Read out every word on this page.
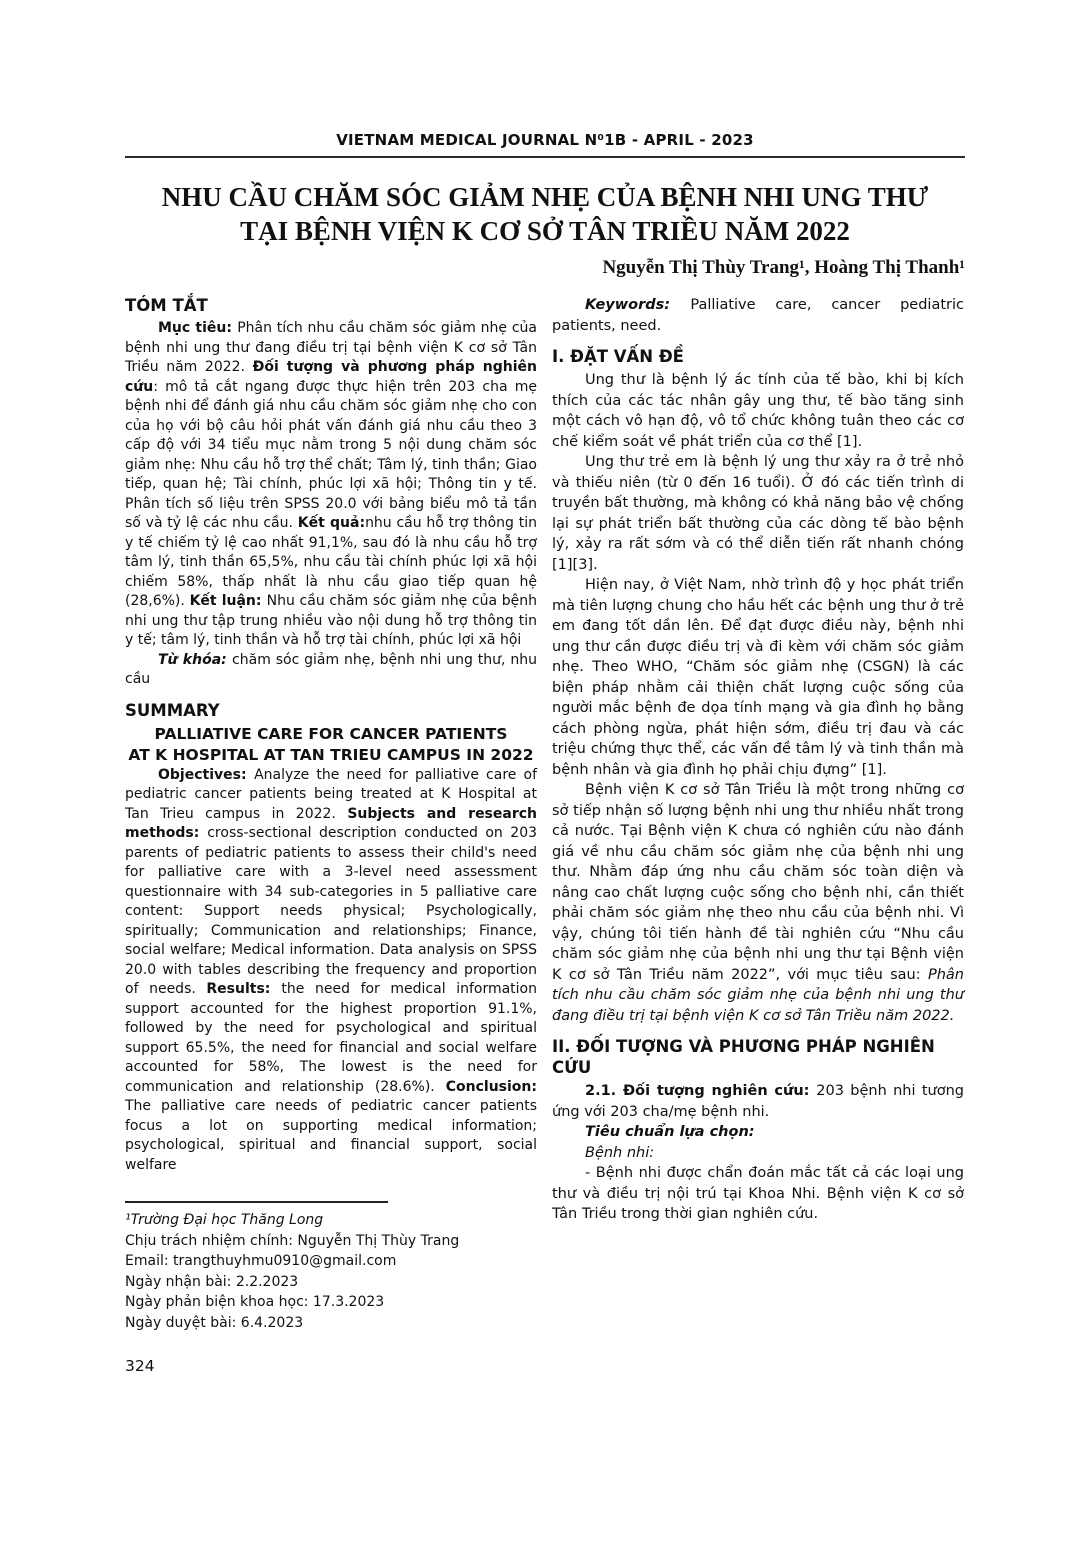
VIETNAM MEDICAL JOURNAL N⁰1B - APRIL - 2023
NHU CẦU CHĂM SÓC GIẢM NHẸ CỦA BỆNH NHI UNG THƯ
TẠI BỆNH VIỆN K CƠ SỞ TÂN TRIỀU NĂM 2022
Nguyễn Thị Thùy Trang¹, Hoàng Thị Thanh¹
TÓM TẮT

Mục tiêu: Phân tích nhu cầu chăm sóc giảm nhẹ của bệnh nhi ung thư đang điều trị tại bệnh viện K cơ sở Tân Triều năm 2022. Đối tượng và phương pháp nghiên cứu: mô tả cắt ngang được thực hiện trên 203 cha mẹ bệnh nhi để đánh giá nhu cầu chăm sóc giảm nhẹ cho con của họ với bộ câu hỏi phát vấn đánh giá nhu cầu theo 3 cấp độ với 34 tiểu mục nằm trong 5 nội dung chăm sóc giảm nhẹ: Nhu cầu hỗ trợ thể chất; Tâm lý, tinh thần; Giao tiếp, quan hệ; Tài chính, phúc lợi xã hội; Thông tin y tế. Phân tích số liệu trên SPSS 20.0 với bảng biểu mô tả tần số và tỷ lệ các nhu cầu. Kết quả:nhu cầu hỗ trợ thông tin y tế chiếm tỷ lệ cao nhất 91,1%, sau đó là nhu cầu hỗ trợ tâm lý, tinh thần 65,5%, nhu cầu tài chính phúc lợi xã hội chiếm 58%, thấp nhất là nhu cầu giao tiếp quan hệ (28,6%). Kết luận: Nhu cầu chăm sóc giảm nhẹ của bệnh nhi ung thư tập trung nhiều vào nội dung hỗ trợ thông tin y tế; tâm lý, tinh thần và hỗ trợ tài chính, phúc lợi xã hội

Từ khóa: chăm sóc giảm nhẹ, bệnh nhi ung thư, nhu cầu

SUMMARY
PALLIATIVE CARE FOR CANCER PATIENTS
AT K HOSPITAL AT TAN TRIEU CAMPUS IN 2022

Objectives: Analyze the need for palliative care of pediatric cancer patients being treated at K Hospital at Tan Trieu campus in 2022. Subjects and research methods: cross-sectional description conducted on 203 parents of pediatric patients to assess their child's need for palliative care with a 3-level need assessment questionnaire with 34 sub-categories in 5 palliative care content: Support needs physical; Psychologically, spiritually; Communication and relationships; Finance, social welfare; Medical information. Data analysis on SPSS 20.0 with tables describing the frequency and proportion of needs. Results: the need for medical information support accounted for the highest proportion 91.1%, followed by the need for psychological and spiritual support 65.5%, the need for financial and social welfare accounted for 58%, The lowest is the need for communication and relationship (28.6%). Conclusion: The palliative care needs of pediatric cancer patients focus a lot on supporting medical information; psychological, spiritual and financial support, social welfare

¹Trường Đại học Thăng Long
Chịu trách nhiệm chính: Nguyễn Thị Thùy Trang
Email: trangthuyhmu0910@gmail.com
Ngày nhận bài: 2.2.2023
Ngày phản biện khoa học: 17.3.2023
Ngày duyệt bài: 6.4.2023
324

Keywords: Palliative care, cancer pediatric patients, need.

I. ĐẶT VẤN ĐỀ

Ung thư là bệnh lý ác tính của tế bào, khi bị kích thích của các tác nhân gây ung thư, tế bào tăng sinh một cách vô hạn độ, vô tổ chức không tuân theo các cơ chế kiểm soát về phát triển của cơ thể [1].

Ung thư trẻ em là bệnh lý ung thư xảy ra ở trẻ nhỏ và thiếu niên (từ 0 đến 16 tuổi). Ở đó các tiến trình di truyền bất thường, mà không có khả năng bảo vệ chống lại sự phát triển bất thường của các dòng tế bào bệnh lý, xảy ra rất sớm và có thể diễn tiến rất nhanh chóng [1][3].

Hiện nay, ở Việt Nam, nhờ trình độ y học phát triển mà tiên lượng chung cho hầu hết các bệnh ung thư ở trẻ em đang tốt dần lên. Để đạt được điều này, bệnh nhi ung thư cần được điều trị và đi kèm với chăm sóc giảm nhẹ. Theo WHO, “Chăm sóc giảm nhẹ (CSGN) là các biện pháp nhằm cải thiện chất lượng cuộc sống của người mắc bệnh đe dọa tính mạng và gia đình họ bằng cách phòng ngừa, phát hiện sớm, điều trị đau và các triệu chứng thực thể, các vấn đề tâm lý và tinh thần mà bệnh nhân và gia đình họ phải chịu đựng” [1].

Bệnh viện K cơ sở Tân Triều là một trong những cơ sở tiếp nhận số lượng bệnh nhi ung thư nhiều nhất trong cả nước. Tại Bệnh viện K chưa có nghiên cứu nào đánh giá về nhu cầu chăm sóc giảm nhẹ của bệnh nhi ung thư. Nhằm đáp ứng nhu cầu chăm sóc toàn diện và nâng cao chất lượng cuộc sống cho bệnh nhi, cần thiết phải chăm sóc giảm nhẹ theo nhu cầu của bệnh nhi. Vì vậy, chúng tôi tiến hành đề tài nghiên cứu “Nhu cầu chăm sóc giảm nhẹ của bệnh nhi ung thư tại Bệnh viện K cơ sở Tân Triều năm 2022”, với mục tiêu sau: Phân tích nhu cầu chăm sóc giảm nhẹ của bệnh nhi ung thư đang điều trị tại bệnh viện K cơ sở Tân Triều năm 2022.

II. ĐỐI TƯỢNG VÀ PHƯƠNG PHÁP NGHIÊN CỨU

2.1. Đối tượng nghiên cứu: 203 bệnh nhi tương ứng với 203 cha/mẹ bệnh nhi.

Tiêu chuẩn lựa chọn:

Bệnh nhi:

- Bệnh nhi được chẩn đoán mắc tất cả các loại ung thư và điều trị nội trú tại Khoa Nhi. Bệnh viện K cơ sở Tân Triều trong thời gian nghiên cứu.
